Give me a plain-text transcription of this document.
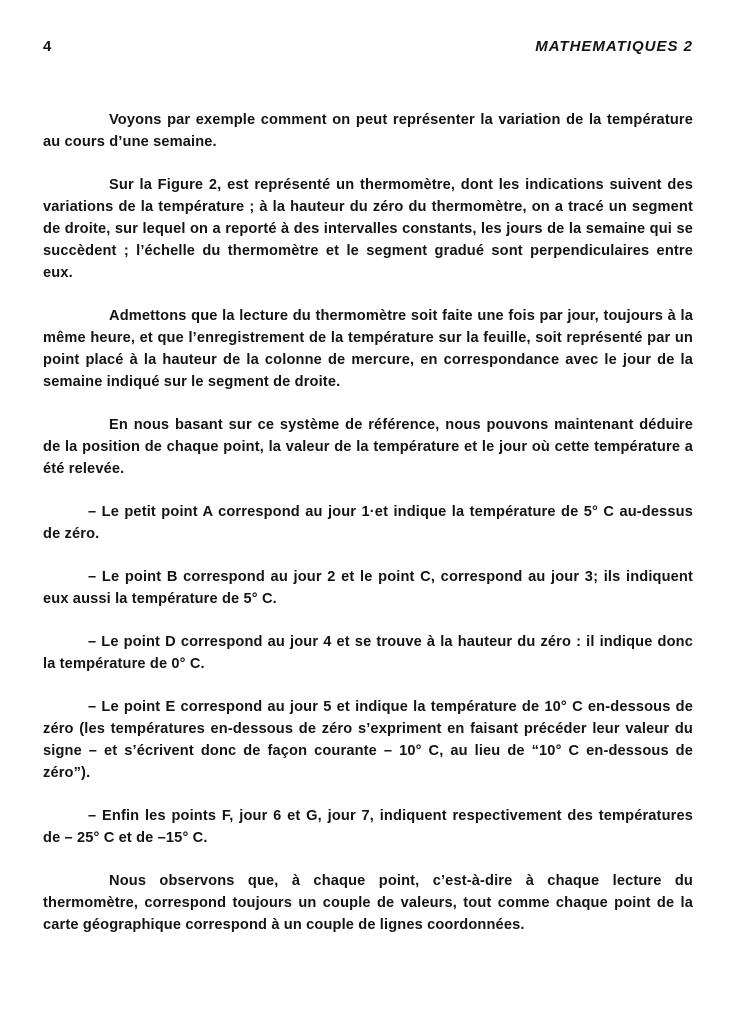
4	MATHEMATIQUES 2

Voyons par exemple comment on peut représenter la variation de la température au cours d’une semaine.

Sur la Figure 2, est représenté un thermomètre, dont les indications suivent des variations de la température ; à la hauteur du zéro du thermomètre, on a tracé un segment de droite, sur lequel on a reporté à des intervalles constants, les jours de la semaine qui se succèdent ; l’échelle du thermomètre et le segment gradué sont perpendiculaires entre eux.

Admettons que la lecture du thermomètre soit faite une fois par jour, toujours à la même heure, et que l’enregistrement de la température sur la feuille, soit représenté par un point placé à la hauteur de la colonne de mercure, en correspondance avec le jour de la semaine indiqué sur le segment de droite.

En nous basant sur ce système de référence, nous pouvons maintenant déduire de la position de chaque point, la valeur de la température et le jour où cette température a été relevée.

– Le petit point A correspond au jour 1·et indique la température de 5° C au-dessus de zéro.

– Le point B correspond au jour 2 et le point C, correspond au jour 3; ils indiquent eux aussi la température de 5° C.

– Le point D correspond au jour 4 et se trouve à la hauteur du zéro : il indique donc la température de 0° C.

– Le point E correspond au jour 5 et indique la température de 10° C en-dessous de zéro (les températures en-dessous de zéro s’expriment en faisant précéder leur valeur du signe – et s’écrivent donc de façon courante – 10° C, au lieu de “10° C en-dessous de zéro”).

– Enfin les points F, jour 6 et G, jour 7, indiquent respectivement des températures de – 25° C et de –15° C.

Nous observons que, à chaque point, c’est-à-dire à chaque lecture du thermomètre, correspond toujours un couple de valeurs, tout comme chaque point de la carte géographique correspond à un couple de lignes coordonnées.
